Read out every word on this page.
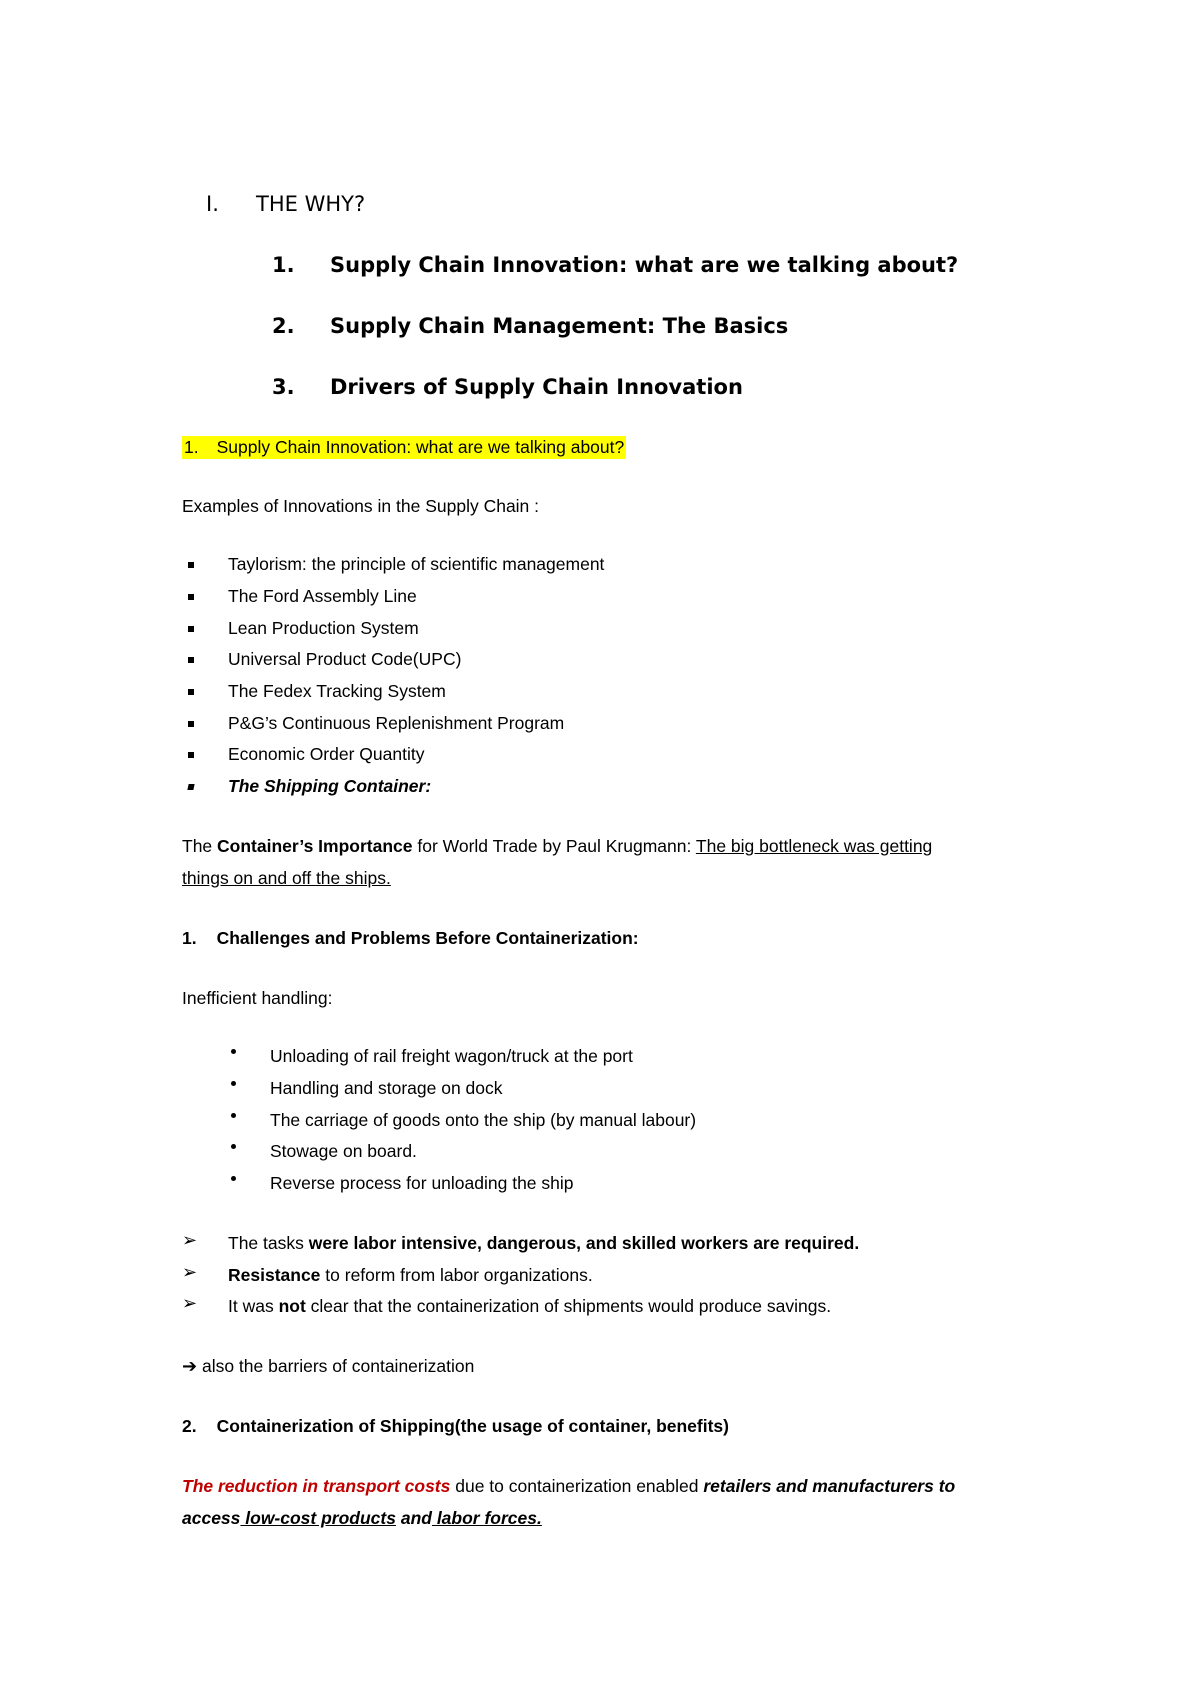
I. THE WHY?
1. Supply Chain Innovation: what are we talking about?
2. Supply Chain Management: The Basics
3. Drivers of Supply Chain Innovation
1. Supply Chain Innovation: what are we talking about?
Examples of Innovations in the Supply Chain :
Taylorism: the principle of scientific management
The Ford Assembly Line
Lean Production System
Universal Product Code(UPC)
The Fedex Tracking System
P&G’s Continuous Replenishment Program
Economic Order Quantity
The Shipping Container:
The Container’s Importance for World Trade by Paul Krugmann: The big bottleneck was getting
things on and off the ships.
1. Challenges and Problems Before Containerization:
Inefficient handling:
Unloading of rail freight wagon/truck at the port
Handling and storage on dock
The carriage of goods onto the ship (by manual labour)
Stowage on board.
Reverse process for unloading the ship
➢ The tasks were labor intensive, dangerous, and skilled workers are required.
➢ Resistance to reform from labor organizations.
➢ It was not clear that the containerization of shipments would produce savings.
➔ also the barriers of containerization
2. Containerization of Shipping(the usage of container, benefits)
The reduction in transport costs due to containerization enabled retailers and manufacturers to
access low-cost products and labor forces.
